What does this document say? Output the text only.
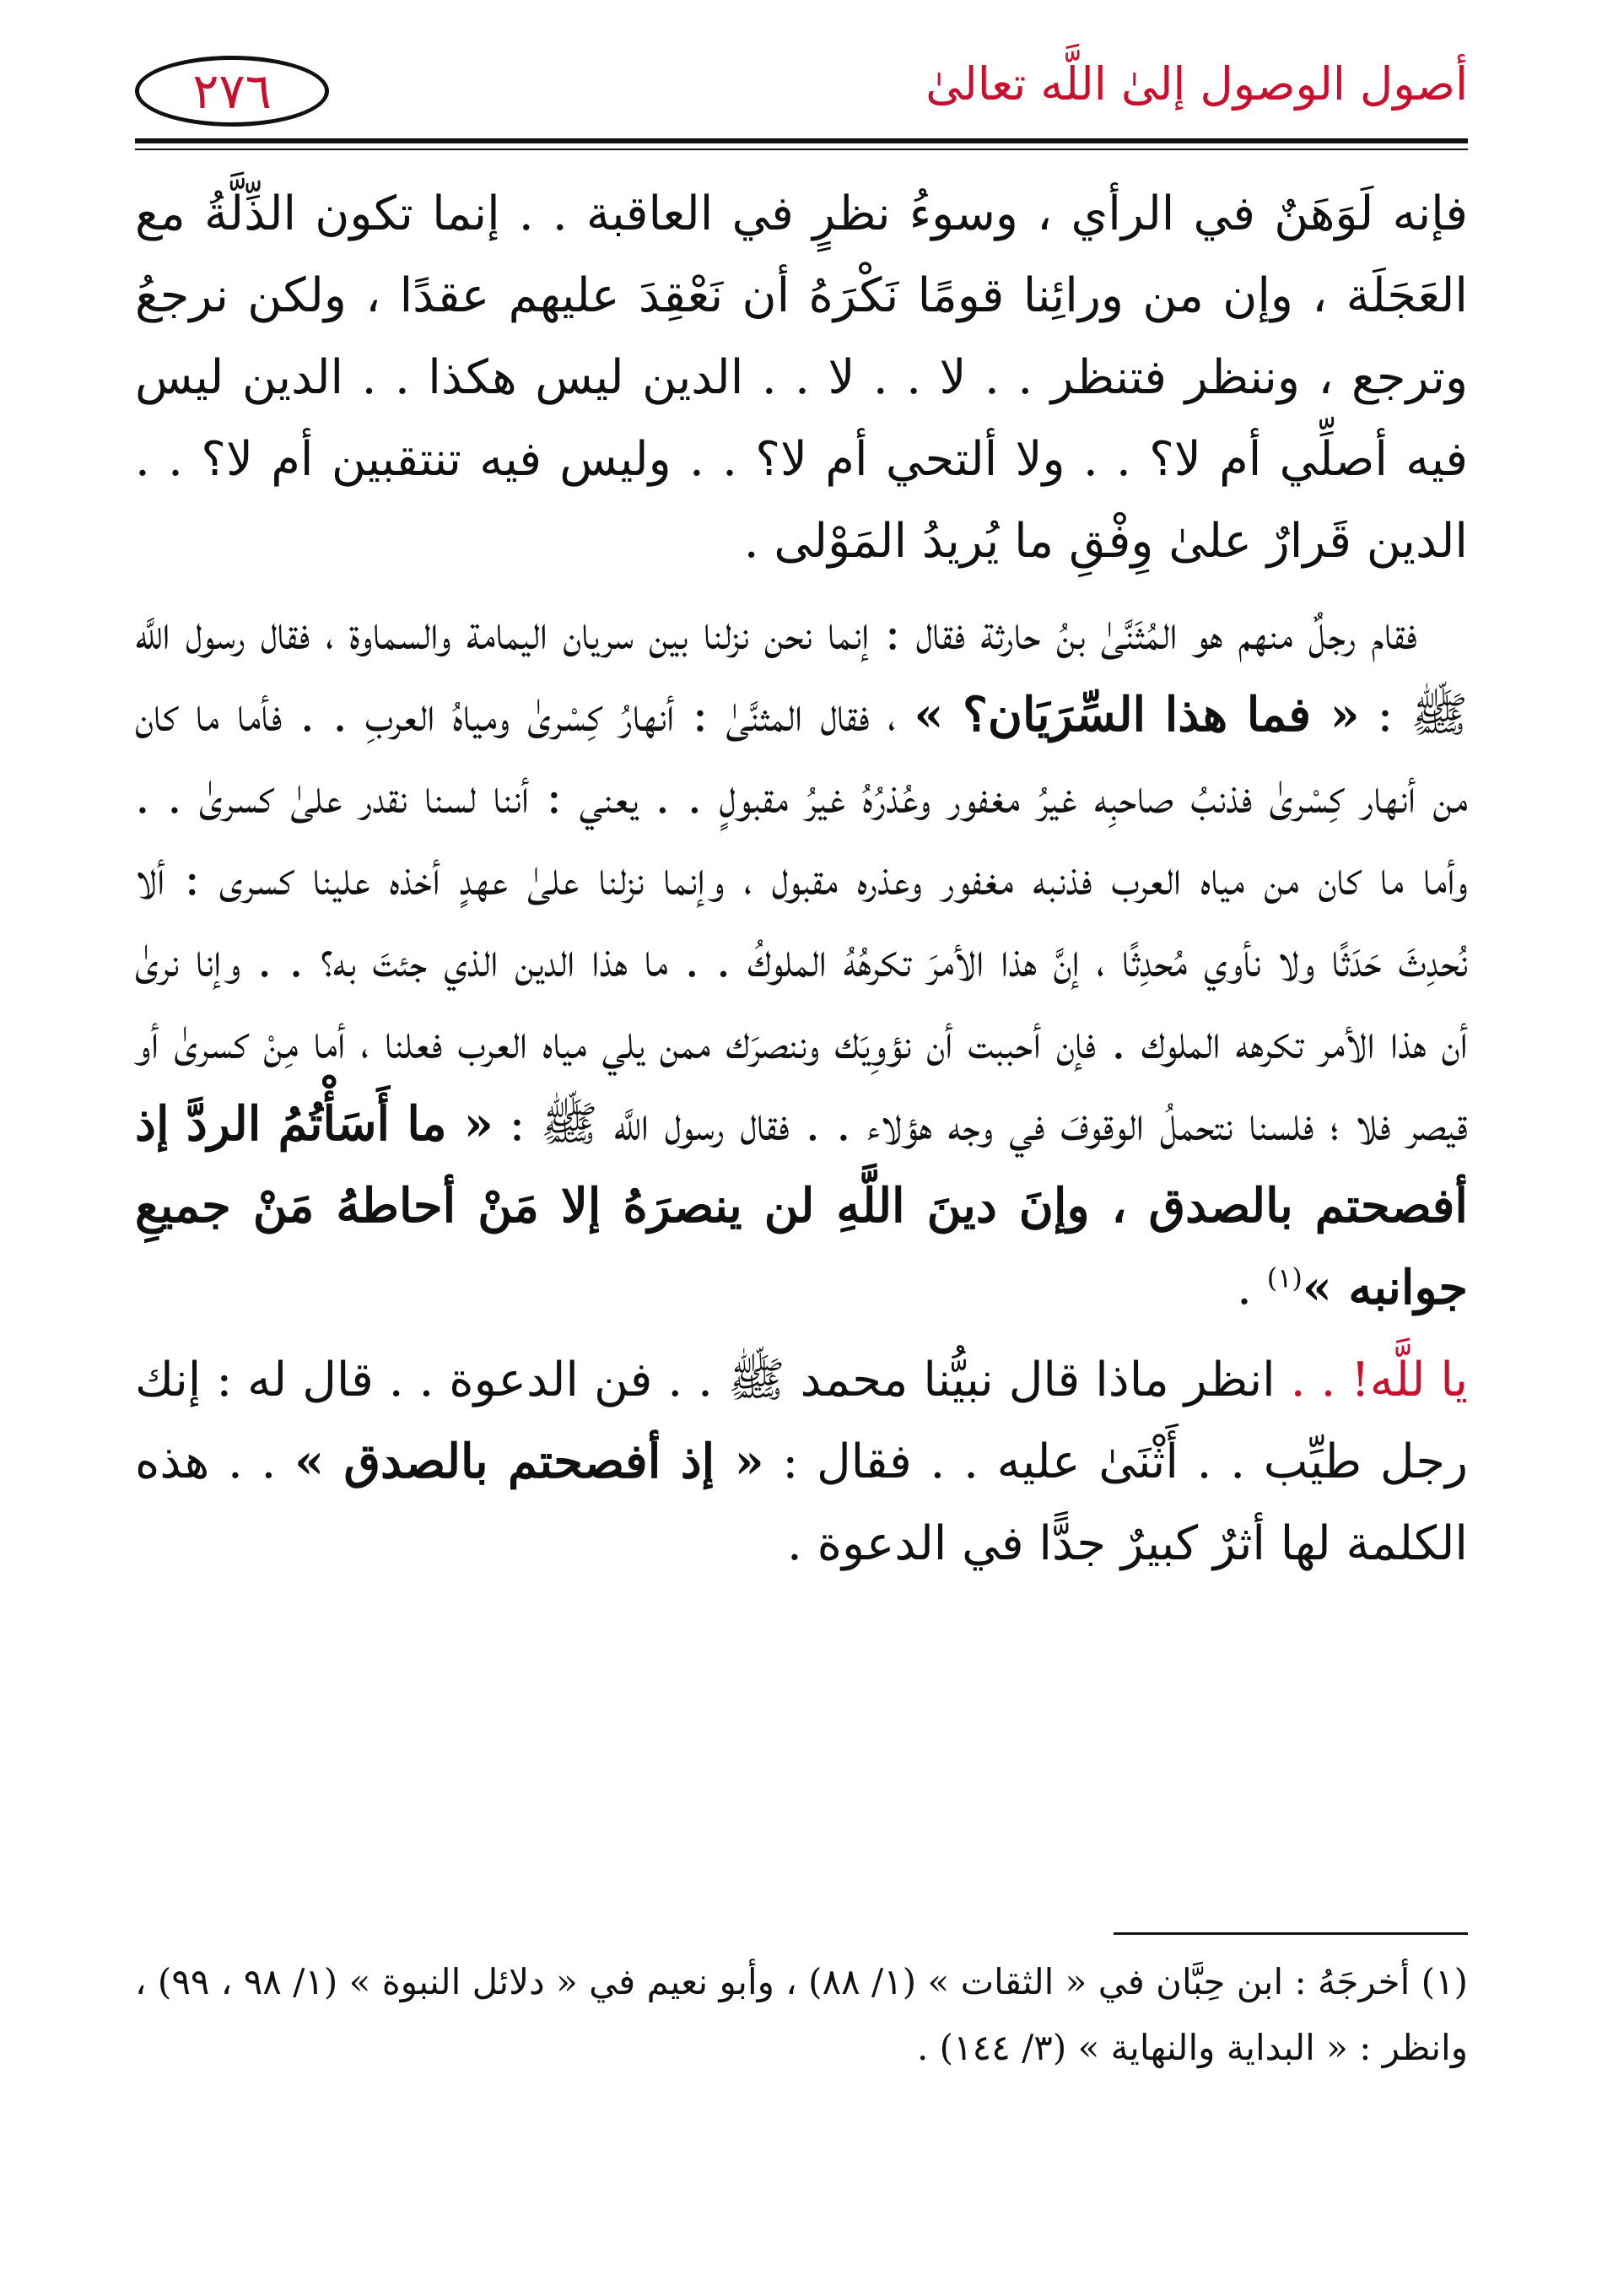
أصول الوصول إلىٰ اللَّه تعالىٰ
٢٧٦

فإنه لَوَهَنٌ في الرأي ، وسوءُ نظرٍ في العاقبة . . إنما تكون الذِّلَّةُ مع العَجَلَة ، وإن من ورائِنا قومًا نَكْرَهُ أن نَعْقِدَ عليهم عقدًا ، ولكن نرجعُ وترجع ، وننظر فتنظر . . لا . . لا . . الدين ليس هكذا . . الدين ليس فيه أصلِّي أم لا؟ . . ولا ألتحي أم لا؟ . . وليس فيه تنتقبين أم لا؟ . . الدين قَرارٌ علىٰ وِفْقِ ما يُريدُ المَوْلى .

فقام رجلٌ منهم هو المُثَنَّىٰ بنُ حارثة فقال : إنما نحن نزلنا بين سريان اليمامة والسماوة ، فقال رسول اللَّه ﷺ : « فما هذا السِّرَيَان؟ » ، فقال المثنَّىٰ : أنهارُ كِسْرىٰ ومياهُ العربِ . . فأما ما كان من أنهار كِسْرىٰ فذنبُ صاحبِه غيرُ مغفور وعُذرُهُ غيرُ مقبولٍ . . يعني : أننا لسنا نقدر علىٰ كسرىٰ . . وأما ما كان من مياه العرب فذنبه مغفور وعذره مقبول ، وإنما نزلنا علىٰ عهدٍ أخذه علينا كسرى : ألا نُحدِثَ حَدَثًا ولا نأوي مُحدِثًا ، إنَّ هذا الأمرَ تكرهُهُ الملوكُ . . ما هذا الدين الذي جئتَ به؟ . . وإنا نرىٰ أن هذا الأمر تكرهه الملوك . فإن أحببت أن نؤوِيَك وننصرَك ممن يلي مياه العرب فعلنا ، أما مِنْ كسرىٰ أو قيصر فلا ؛ فلسنا نتحملُ الوقوفَ في وجه هؤلاء . . فقال رسول اللَّه ﷺ : « ما أَسَأْتُمُ الردَّ إذ أفصحتم بالصدق ، وإنَ دينَ اللَّهِ لن ينصرَهُ إلا مَنْ أحاطهُ مَنْ جميعِ جوانبه »$^{(١)}$ .

يا للَّه! . . انظر ماذا قال نبيُّنا محمد ﷺ . . فن الدعوة . . قال له : إنك رجل طيِّب . . أَثْنَىٰ عليه . . فقال : « إذ أفصحتم بالصدق » . . هذه الكلمة لها أثرٌ كبيرٌ جدًّا في الدعوة .

(١) أخرجَهُ : ابن حِبَّان في « الثقات » (١/ ٨٨) ، وأبو نعيم في « دلائل النبوة » (١/ ٩٨ ، ٩٩) ، وانظر : « البداية والنهاية » (٣/ ١٤٤) .
